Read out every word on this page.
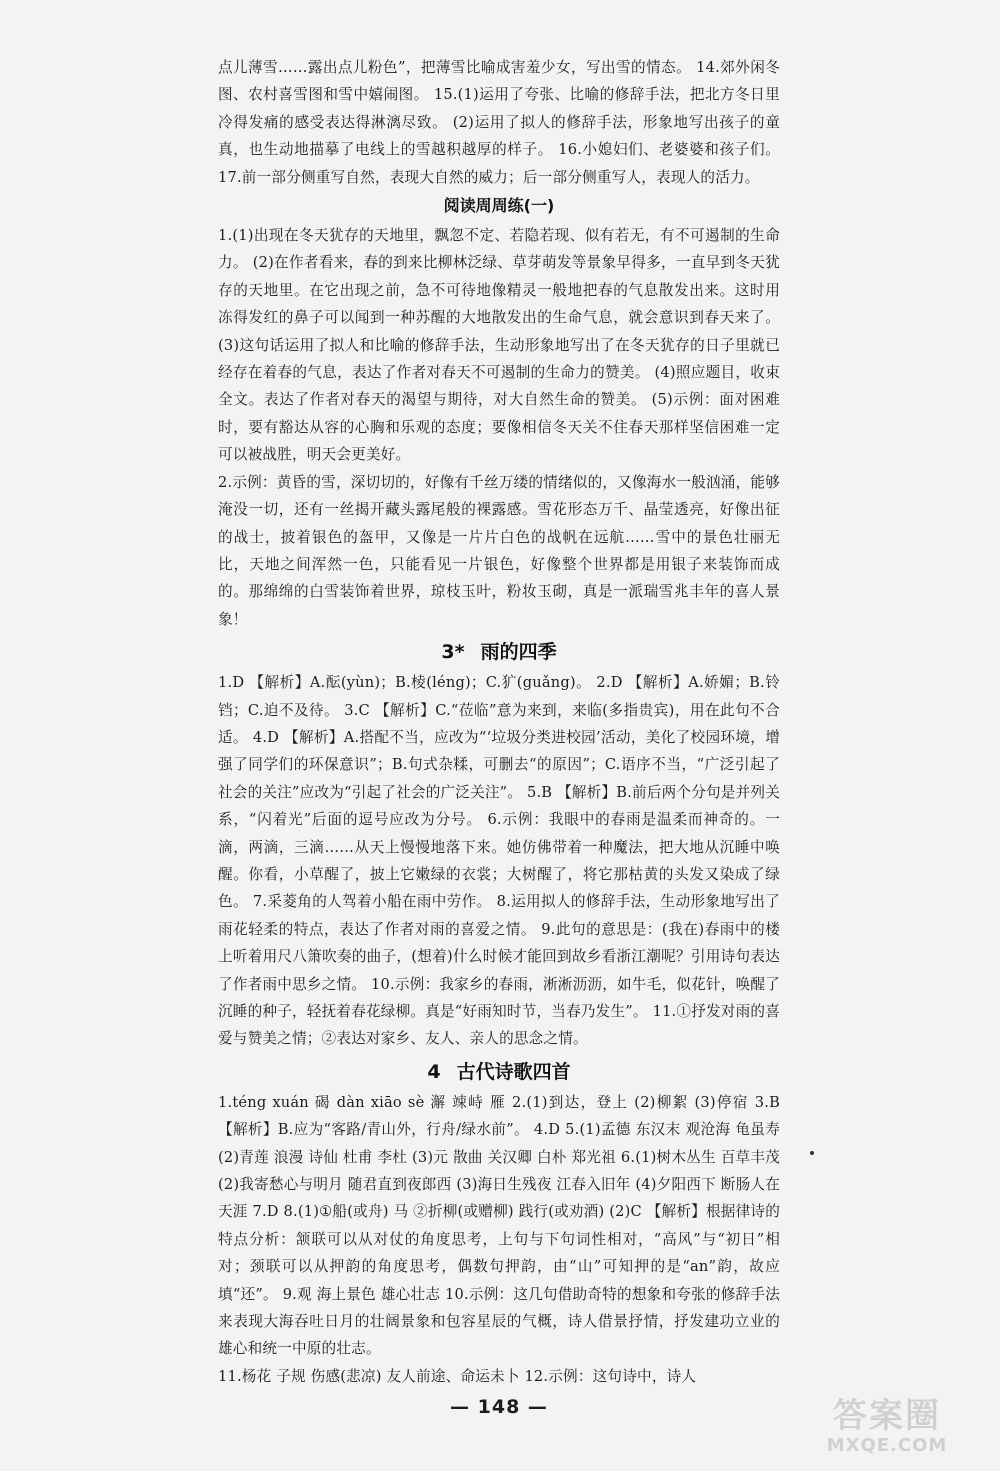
点儿薄雪……露出点儿粉色”，把薄雪比喻成害羞少女，写出雪的情态。 14.郊外闲冬图、农村喜雪图和雪中嬉闹图。 15.(1)运用了夸张、比喻的修辞手法，把北方冬日里冷得发痛的感受表达得淋漓尽致。 (2)运用了拟人的修辞手法，形象地写出孩子的童真，也生动地描摹了电线上的雪越积越厚的样子。 16.小媳妇们、老婆婆和孩子们。 17.前一部分侧重写自然，表现大自然的威力；后一部分侧重写人，表现人的活力。

阅读周周练(一)

1.(1)出现在冬天犹存的天地里，飘忽不定、若隐若现、似有若无，有不可遏制的生命力。 (2)在作者看来，春的到来比柳林泛绿、草芽萌发等景象早得多，一直早到冬天犹存的天地里。在它出现之前，急不可待地像精灵一般地把春的气息散发出来。这时用冻得发红的鼻子可以闻到一种苏醒的大地散发出的生命气息，就会意识到春天来了。 (3)这句话运用了拟人和比喻的修辞手法，生动形象地写出了在冬天犹存的日子里就已经存在着春的气息，表达了作者对春天不可遏制的生命力的赞美。 (4)照应题目，收束全文。表达了作者对春天的渴望与期待，对大自然生命的赞美。 (5)示例：面对困难时，要有豁达从容的心胸和乐观的态度；要像相信冬天关不住春天那样坚信困难一定可以被战胜，明天会更美好。

2.示例：黄昏的雪，深切切的，好像有千丝万缕的情绪似的，又像海水一般汹涌，能够淹没一切，还有一丝揭开藏头露尾般的裸露感。雪花形态万千、晶莹透亮，好像出征的战士，披着银色的盔甲，又像是一片片白色的战帆在远航……雪中的景色壮丽无比，天地之间浑然一色，只能看见一片银色，好像整个世界都是用银子来装饰而成的。那绵绵的白雪装饰着世界，琼枝玉叶，粉妆玉砌，真是一派瑞雪兆丰年的喜人景象！

3* 雨的四季

1.D 【解析】A.酝(yùn)；B.棱(léng)；C.犷(guǎng)。 2.D 【解析】A.娇媚；B.铃铛；C.迫不及待。 3.C 【解析】C.“莅临”意为来到，来临(多指贵宾)，用在此句不合适。 4.D 【解析】A.搭配不当，应改为“‘垃圾分类进校园’活动，美化了校园环境，增强了同学们的环保意识”；B.句式杂糅，可删去“的原因”；C.语序不当，“广泛引起了社会的关注”应改为“引起了社会的广泛关注”。 5.B 【解析】B.前后两个分句是并列关系，“闪着光”后面的逗号应改为分号。 6.示例：我眼中的春雨是温柔而神奇的。一滴，两滴，三滴……从天上慢慢地落下来。她仿佛带着一种魔法，把大地从沉睡中唤醒。你看，小草醒了，披上它嫩绿的衣裳；大树醒了，将它那枯黄的头发又染成了绿色。 7.采菱角的人驾着小船在雨中劳作。 8.运用拟人的修辞手法，生动形象地写出了雨花轻柔的特点，表达了作者对雨的喜爱之情。 9.此句的意思是：(我在)春雨中的楼上听着用尺八箫吹奏的曲子，(想着)什么时候才能回到故乡看浙江潮呢？引用诗句表达了作者雨中思乡之情。 10.示例：我家乡的春雨，淅淅沥沥，如牛毛，似花针，唤醒了沉睡的种子，轻抚着春花绿柳。真是“好雨知时节，当春乃发生”。 11.①抒发对雨的喜爱与赞美之情；②表达对家乡、友人、亲人的思念之情。

4 古代诗歌四首

1.téng xuán 碣 dàn xiāo sè 澥 竦峙 雁 2.(1)到达，登上 (2)柳絮 (3)停宿 3.B 【解析】B.应为“客路/青山外，行舟/绿水前”。 4.D 5.(1)孟德 东汉末 观沧海 龟虽寿 (2)青莲 浪漫 诗仙 杜甫 李杜 (3)元 散曲 关汉卿 白朴 郑光祖 6.(1)树木丛生 百草丰茂 (2)我寄愁心与明月 随君直到夜郎西 (3)海日生残夜 江春入旧年 (4)夕阳西下 断肠人在天涯 7.D 8.(1)①船(或舟) 马 ②折柳(或赠柳) 践行(或劝酒) (2)C 【解析】根据律诗的特点分析：颔联可以从对仗的角度思考，上句与下句词性相对，“高风”与“初日”相对；颈联可以从押韵的角度思考，偶数句押韵，由“山”可知押的是“an”韵，故应填“还”。 9.观 海上景色 雄心壮志 10.示例：这几句借助奇特的想象和夸张的修辞手法来表现大海吞吐日月的壮阔景象和包容星辰的气概，诗人借景抒情，抒发建功立业的雄心和统一中原的壮志。

11.杨花 子规 伤感(悲凉) 友人前途、命运未卜 12.示例：这句诗中，诗人

— 148 —	答案圈
MXQE.COM
